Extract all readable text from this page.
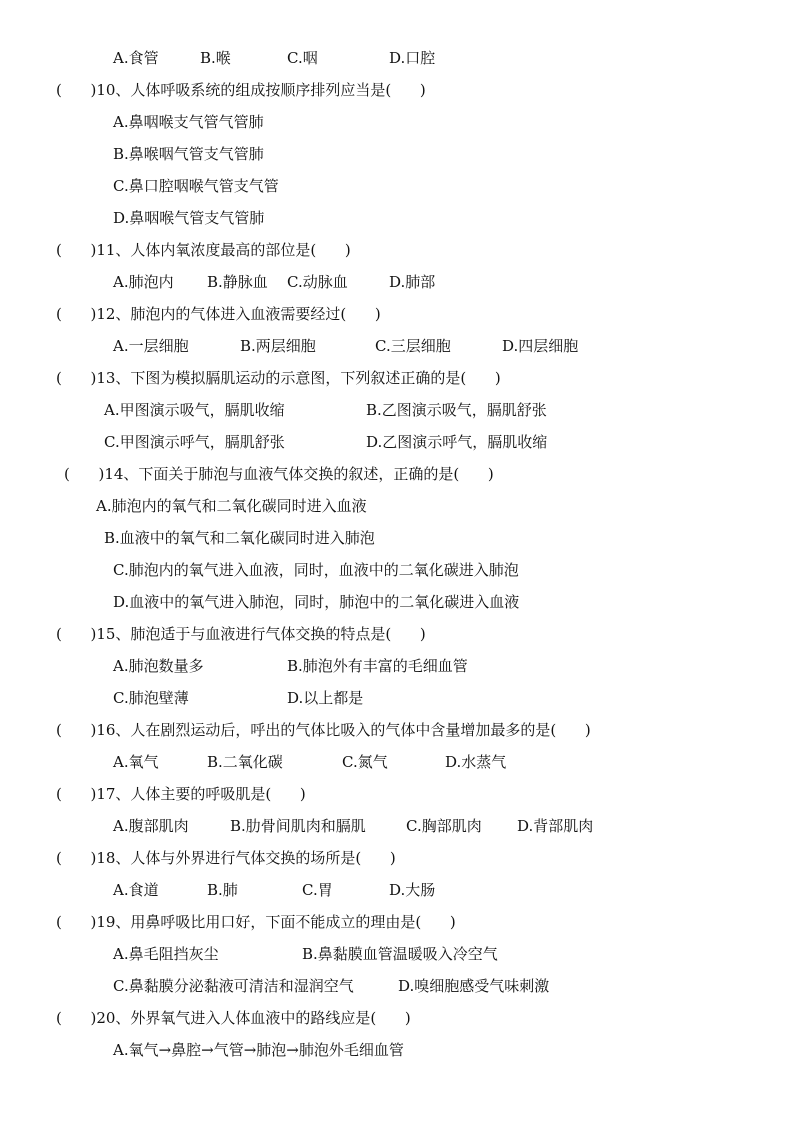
A.食管	B.喉	C.咽	D.口腔
(      )10、人体呼吸系统的组成按顺序排列应当是(      )
A.鼻咽喉支气管气管肺
B.鼻喉咽气管支气管肺
C.鼻口腔咽喉气管支气管
D.鼻咽喉气管支气管肺
(      )11、人体内氧浓度最高的部位是(      )
A.肺泡内 B.静脉血 C.动脉血	D.肺部
(      )12、肺泡内的气体进入血液需要经过(      )
A.一层细胞	B.两层细胞	C.三层细胞	D.四层细胞
(      )13、下图为模拟膈肌运动的示意图，下列叙述正确的是(      )
A.甲图演示吸气，膈肌收缩	B.乙图演示吸气，膈肌舒张
C.甲图演示呼气，膈肌舒张	D.乙图演示呼气，膈肌收缩
(      )14、下面关于肺泡与血液气体交换的叙述，正确的是(      )
A.肺泡内的氧气和二氧化碳同时进入血液
B.血液中的氧气和二氧化碳同时进入肺泡
C.肺泡内的氧气进入血液，同时，血液中的二氧化碳进入肺泡
D.血液中的氧气进入肺泡，同时，肺泡中的二氧化碳进入血液
(      )15、肺泡适于与血液进行气体交换的特点是(      )
A.肺泡数量多	B.肺泡外有丰富的毛细血管
C.肺泡壁薄	D.以上都是
(      )16、人在剧烈运动后，呼出的气体比吸入的气体中含量增加最多的是(      )
A.氧气	B.二氧化碳	C.氮气	D.水蒸气
(      )17、人体主要的呼吸肌是(      )
A.腹部肌肉	B.肋骨间肌肉和膈肌	C.胸部肌肉 D.背部肌肉
(      )18、人体与外界进行气体交换的场所是(      )
A.食道	B.肺	C.胃	D.大肠
(      )19、用鼻呼吸比用口好，下面不能成立的理由是(      )
A.鼻毛阻挡灰尘	B.鼻黏膜血管温暖吸入冷空气
C.鼻黏膜分泌黏液可清洁和湿润空气	D.嗅细胞感受气味刺激
(      )20、外界氧气进入人体血液中的路线应是(      )
A.氧气→鼻腔→气管→肺泡→肺泡外毛细血管
